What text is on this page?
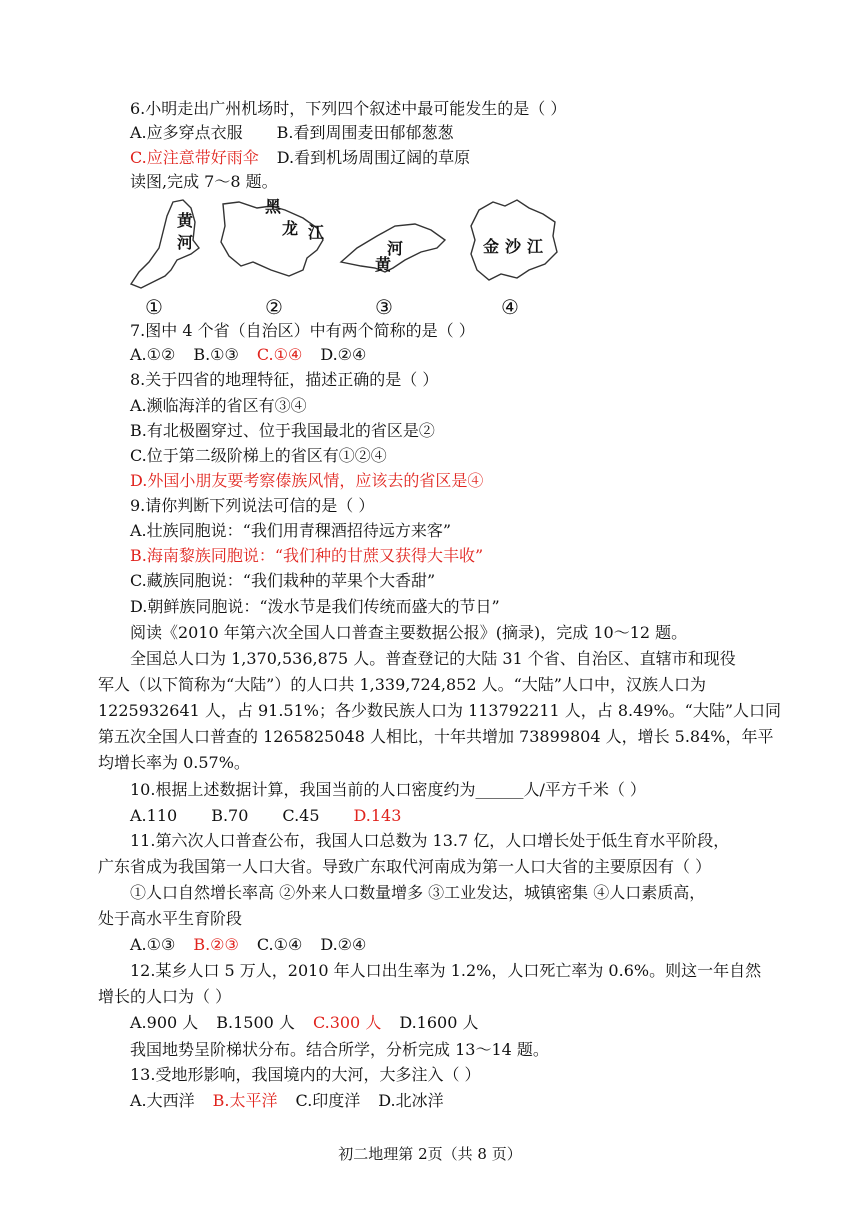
6.小明走出广州机场时，下列四个叙述中最可能发生的是（ ）
A.应多穿点衣服 B.看到周围麦田郁郁葱葱
C.应注意带好雨伞 D.看到机场周围辽阔的草原
读图,完成 7～8 题。
黄
河
黑
龙 江
河
黄
金 沙 江
①	②	③	④
7.图中 4 个省（自治区）中有两个简称的是（ ）
A.①② B.①③ C.①④ D.②④
8.关于四省的地理特征，描述正确的是（ ）
A.濒临海洋的省区有③④
B.有北极圈穿过、位于我国最北的省区是②
C.位于第二级阶梯上的省区有①②④
D.外国小朋友要考察傣族风情，应该去的省区是④
9.请你判断下列说法可信的是（ ）
A.壮族同胞说：“我们用青稞酒招待远方来客”
B.海南黎族同胞说：“我们种的甘蔗又获得大丰收”
C.藏族同胞说：“我们栽种的苹果个大香甜”
D.朝鲜族同胞说：“泼水节是我们传统而盛大的节日”
阅读《2010 年第六次全国人口普查主要数据公报》(摘录)，完成 10～12 题。
全国总人口为 1,370,536,875 人。普查登记的大陆 31 个省、自治区、直辖市和现役
军人（以下简称为“大陆”）的人口共 1,339,724,852 人。“大陆”人口中，汉族人口为
1225932641 人，占 91.51%；各少数民族人口为 113792211 人，占 8.49%。“大陆”人口同
第五次全国人口普查的 1265825048 人相比，十年共增加 73899804 人，增长 5.84%，年平
均增长率为 0.57%。
10.根据上述数据计算，我国当前的人口密度约为______人/平方千米（ ）
A.110 B.70 C.45 D.143
11.第六次人口普查公布，我国人口总数为 13.7 亿，人口增长处于低生育水平阶段，
广东省成为我国第一人口大省。导致广东取代河南成为第一人口大省的主要原因有（ ）
①人口自然增长率高 ②外来人口数量增多 ③工业发达，城镇密集 ④人口素质高，
处于高水平生育阶段
A.①③ B.②③ C.①④ D.②④
12.某乡人口 5 万人，2010 年人口出生率为 1.2%，人口死亡率为 0.6%。则这一年自然
增长的人口为（ ）
A.900 人 B.1500 人 C.300 人 D.1600 人
我国地势呈阶梯状分布。结合所学，分析完成 13～14 题。
13.受地形影响，我国境内的大河，大多注入（ ）
A.大西洋 B.太平洋 C.印度洋 D.北冰洋
初二地理第 2页（共 8 页）
